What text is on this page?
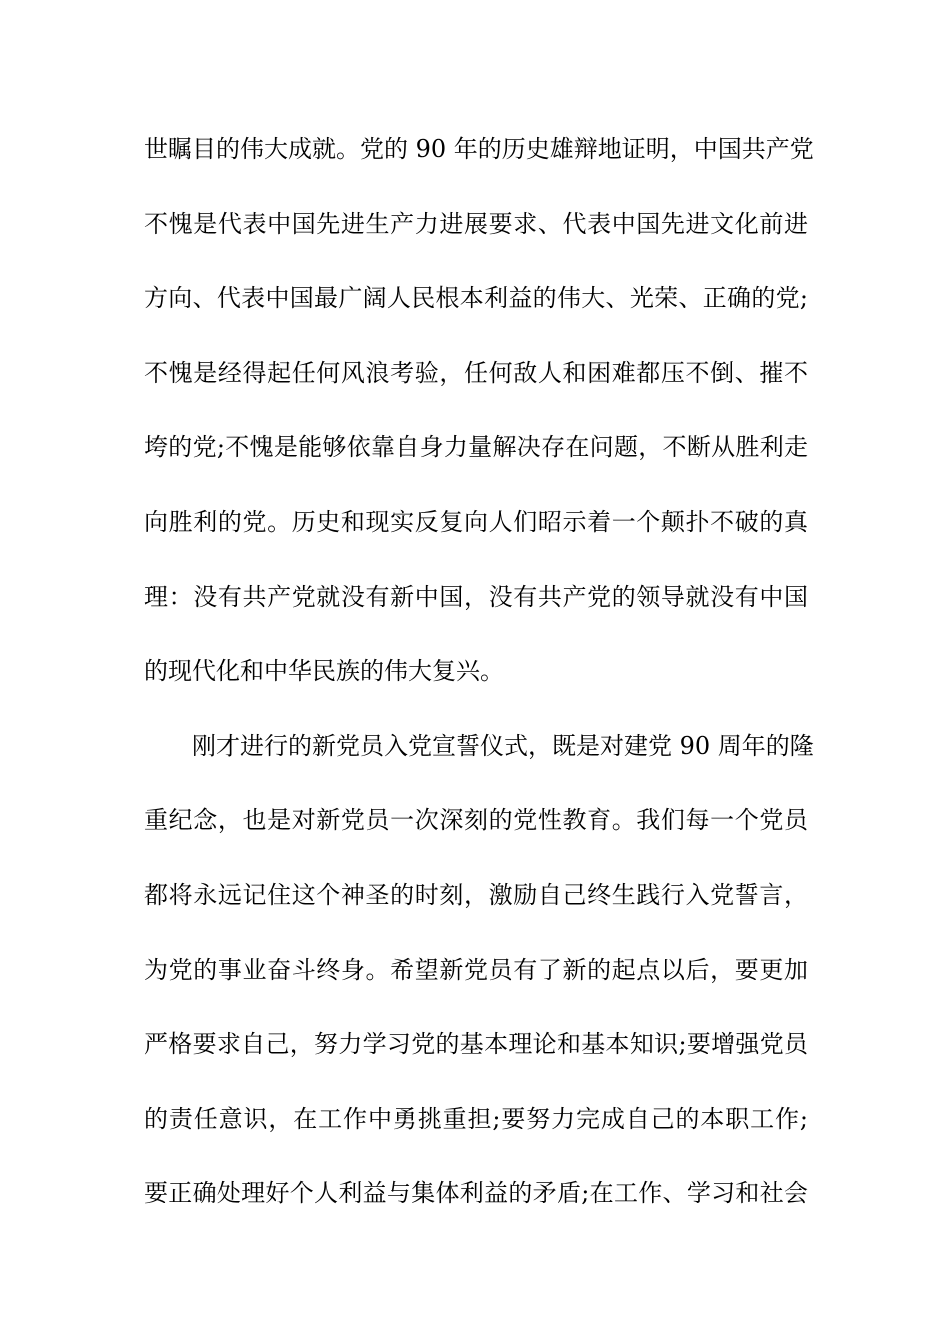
世瞩目的伟大成就。党的 90 年的历史雄辩地证明，中国共产党
不愧是代表中国先进生产力进展要求、代表中国先进文化前进
方向、代表中国最广阔人民根本利益的伟大、光荣、正确的党;
不愧是经得起任何风浪考验，任何敌人和困难都压不倒、摧不
垮的党;不愧是能够依靠自身力量解决存在问题，不断从胜利走
向胜利的党。历史和现实反复向人们昭示着一个颠扑不破的真
理：没有共产党就没有新中国，没有共产党的领导就没有中国
的现代化和中华民族的伟大复兴。
刚才进行的新党员入党宣誓仪式，既是对建党 90 周年的隆
重纪念，也是对新党员一次深刻的党性教育。我们每一个党员
都将永远记住这个神圣的时刻，激励自己终生践行入党誓言，
为党的事业奋斗终身。希望新党员有了新的起点以后，要更加
严格要求自己，努力学习党的基本理论和基本知识;要增强党员
的责任意识，在工作中勇挑重担;要努力完成自己的本职工作;
要正确处理好个人利益与集体利益的矛盾;在工作、学习和社会
